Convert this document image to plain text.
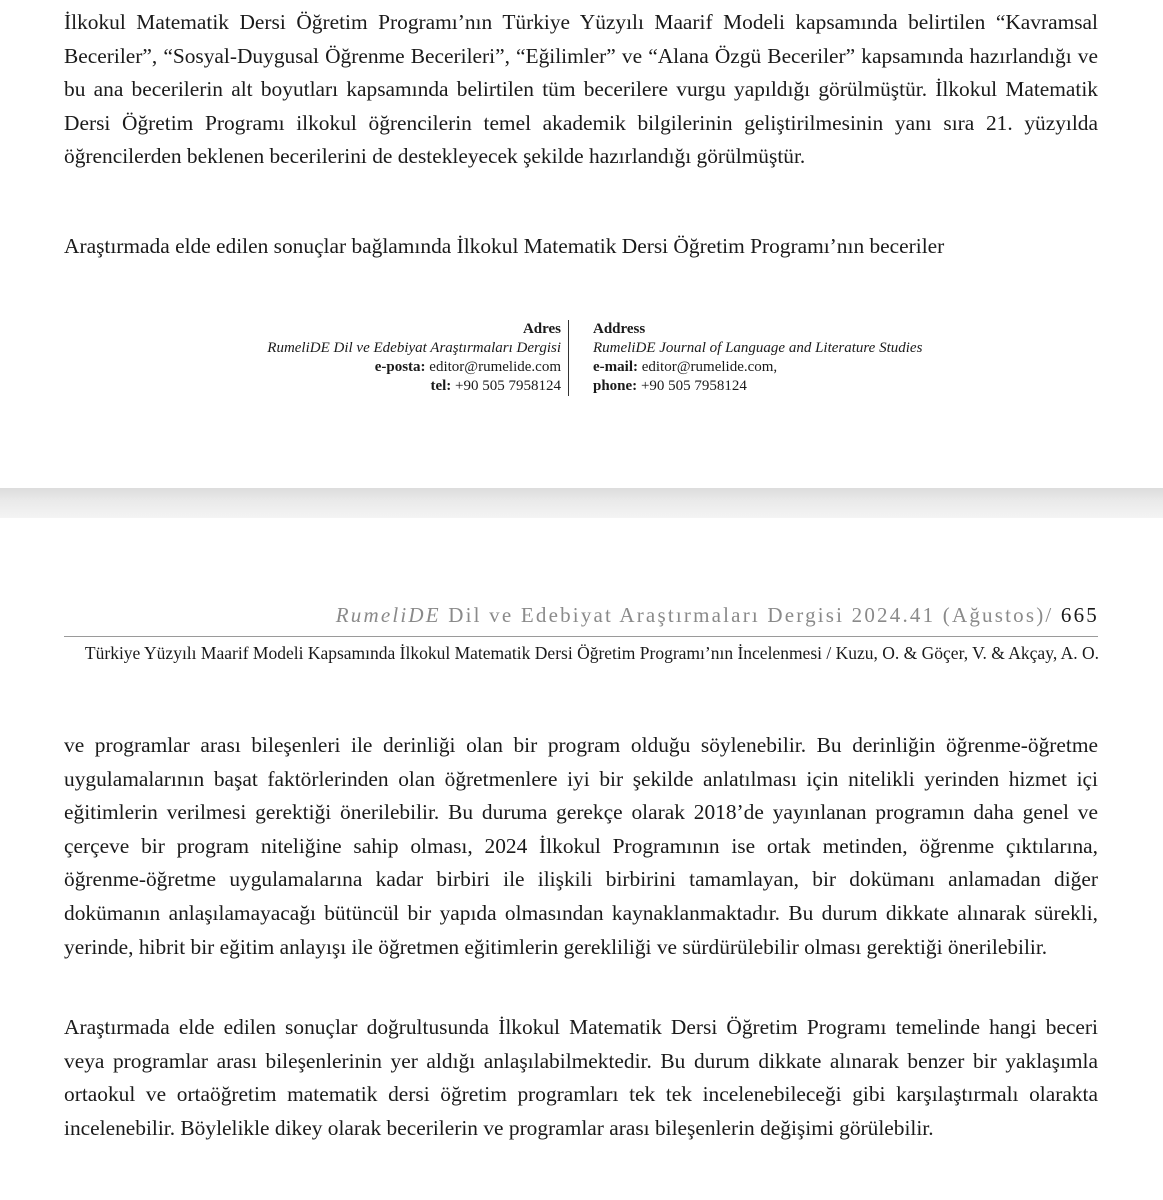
İlkokul Matematik Dersi Öğretim Programı’nın Türkiye Yüzyılı Maarif Modeli kapsamında belirtilen “Kavramsal Beceriler”, “Sosyal-Duygusal Öğrenme Becerileri”, “Eğilimler” ve “Alana Özgü Beceriler” kapsamında hazırlandığı ve bu ana becerilerin alt boyutları kapsamında belirtilen tüm becerilere vurgu yapıldığı görülmüştür. İlkokul Matematik Dersi Öğretim Programı ilkokul öğrencilerin temel akademik bilgilerinin geliştirilmesinin yanı sıra 21. yüzyılda öğrencilerden beklenen becerilerini de destekleyecek şekilde hazırlandığı görülmüştür.

Araştırmada elde edilen sonuçlar bağlamında İlkokul Matematik Dersi Öğretim Programı’nın beceriler

Adres
RumeliDE Dil ve Edebiyat Araştırmaları Dergisi
e-posta: editor@rumelide.com
tel: +90 505 7958124
Address
RumeliDE Journal of Language and Literature Studies
e-mail: editor@rumelide.com,
phone: +90 505 7958124
RumeliDE Dil ve Edebiyat Araştırmaları Dergisi 2024.41 (Ağustos)/ 665

Türkiye Yüzyılı Maarif Modeli Kapsamında İlkokul Matematik Dersi Öğretim Programı’nın İncelenmesi / Kuzu, O. & Göçer, V. & Akçay, A. O.

ve programlar arası bileşenleri ile derinliği olan bir program olduğu söylenebilir. Bu derinliğin öğrenme-öğretme uygulamalarının başat faktörlerinden olan öğretmenlere iyi bir şekilde anlatılması için nitelikli yerinden hizmet içi eğitimlerin verilmesi gerektiği önerilebilir. Bu duruma gerekçe olarak 2018’de yayınlanan programın daha genel ve çerçeve bir program niteliğine sahip olması, 2024 İlkokul Programının ise ortak metinden, öğrenme çıktılarına, öğrenme-öğretme uygulamalarına kadar birbiri ile ilişkili birbirini tamamlayan, bir dokümanı anlamadan diğer dokümanın anlaşılamayacağı bütüncül bir yapıda olmasından kaynaklanmaktadır. Bu durum dikkate alınarak sürekli, yerinde, hibrit bir eğitim anlayışı ile öğretmen eğitimlerin gerekliliği ve sürdürülebilir olması gerektiği önerilebilir.

Araştırmada elde edilen sonuçlar doğrultusunda İlkokul Matematik Dersi Öğretim Programı temelinde hangi beceri veya programlar arası bileşenlerinin yer aldığı anlaşılabilmektedir. Bu durum dikkate alınarak benzer bir yaklaşımla ortaokul ve ortaöğretim matematik dersi öğretim programları tek tek incelenebileceği gibi karşılaştırmalı olarakta incelenebilir. Böylelikle dikey olarak becerilerin ve programlar arası bileşenlerin değişimi görülebilir.
